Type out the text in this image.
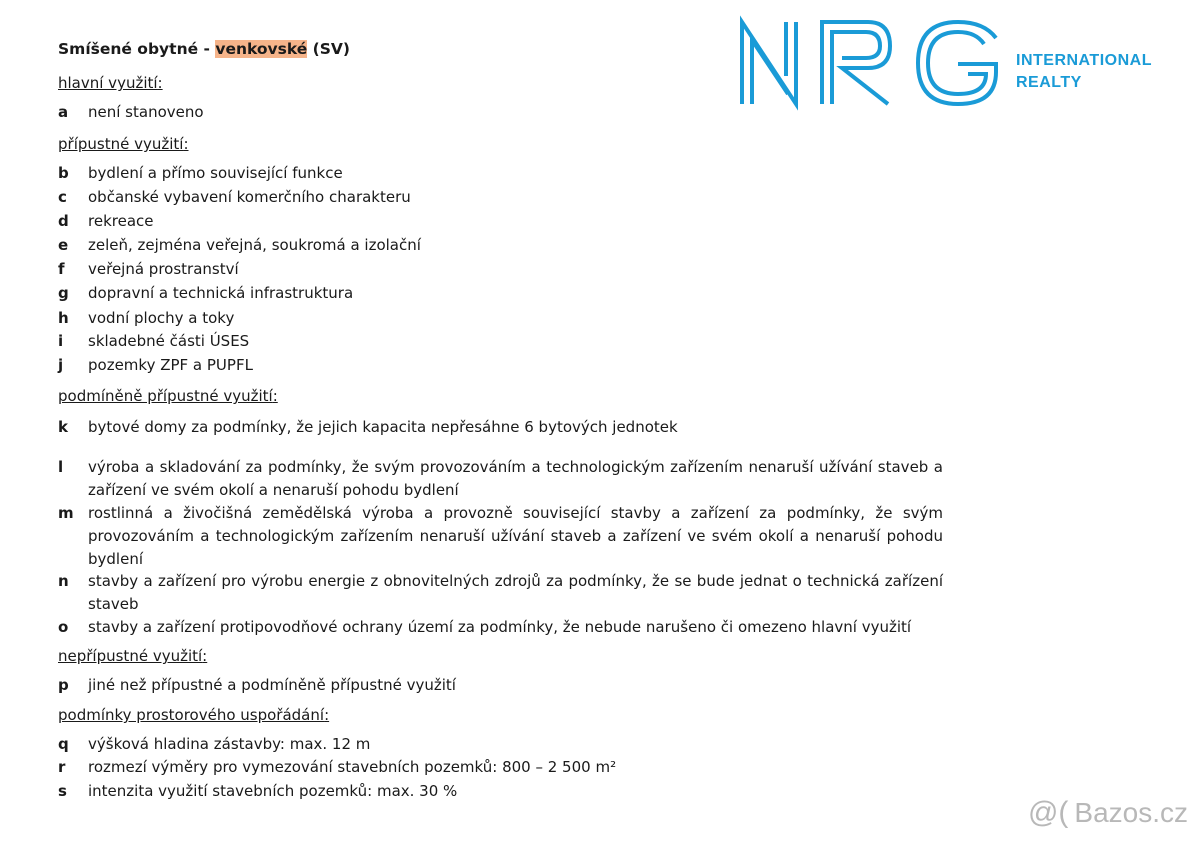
Smíšené obytné - venkovské (SV)
hlavní využití:
a	není stanoveno
přípustné využití:
b	bydlení a přímo související funkce
c	občanské vybavení komerčního charakteru
d	rekreace
e	zeleň, zejména veřejná, soukromá a izolační
f	veřejná prostranství
g	dopravní a technická infrastruktura
h	vodní plochy a toky
i	skladebné části ÚSES
j	pozemky ZPF a PUPFL
podmíněně přípustné využití:
k	bytové domy za podmínky, že jejich kapacita nepřesáhne 6 bytových jednotek
l	výroba a skladování za podmínky, že svým provozováním a technologickým zařízením nenaruší užívání staveb a zařízení ve svém okolí a nenaruší pohodu bydlení
m rostlinná a živočišná zemědělská výroba a provozně související stavby a zařízení za podmínky, že svým provozováním a technologickým zařízením nenaruší užívání staveb a zařízení ve svém okolí a nenaruší pohodu bydlení
n	stavby a zařízení pro výrobu energie z obnovitelných zdrojů za podmínky, že se bude jednat o technická zařízení staveb
o	stavby a zařízení protipovodňové ochrany území za podmínky, že nebude narušeno či omezeno hlavní využití
nepřípustné využití:
p	jiné než přípustné a podmíněně přípustné využití
podmínky prostorového uspořádání:
q	výšková hladina zástavby: max. 12 m
r	rozmezí výměry pro vymezování stavebních pozemků: 800 – 2 500 m²
s	intenzita využití stavebních pozemků: max. 30 %
INTERNATIONAL
REALTY
@( Bazos.cz
